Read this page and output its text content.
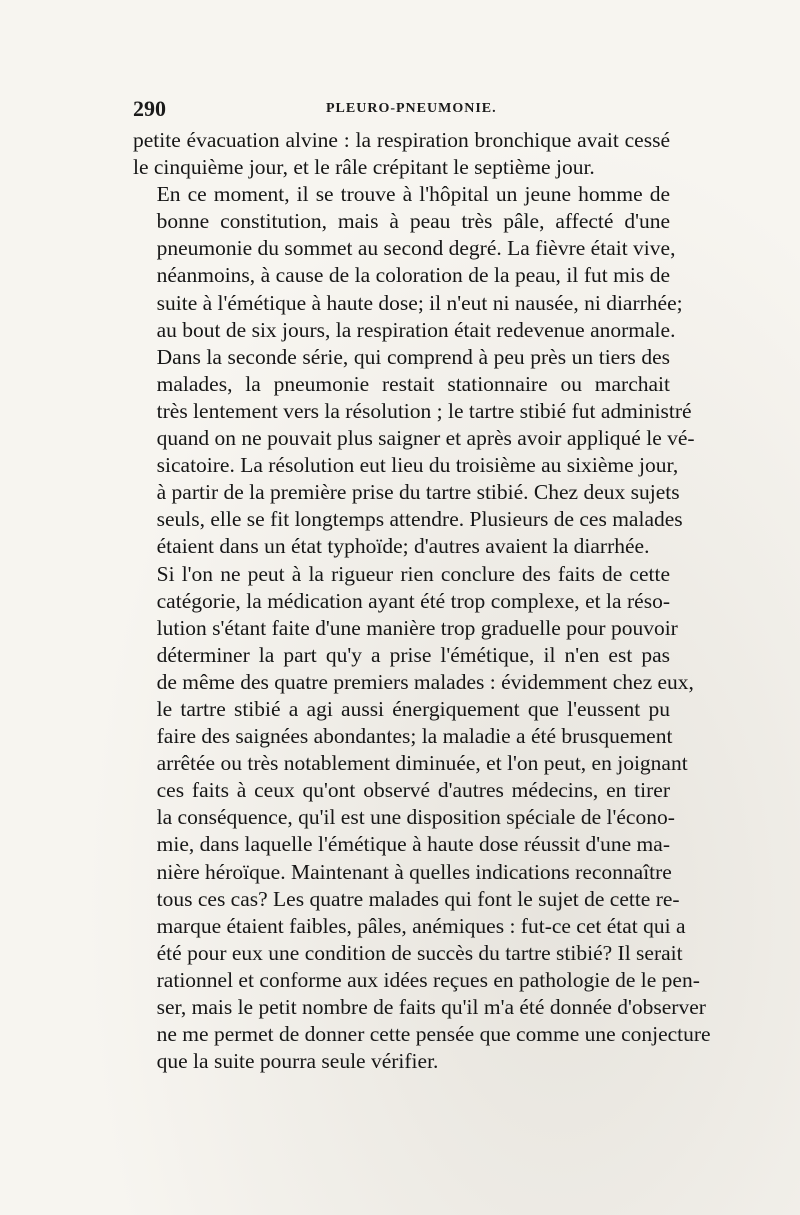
290	PLEURO-PNEUMONIE.

petite évacuation alvine : la respiration bronchique avait cessé
le cinquième jour, et le râle crépitant le septième jour.

En ce moment, il se trouve à l'hôpital un jeune homme de
bonne constitution, mais à peau très pâle, affecté d'une
pneumonie du sommet au second degré. La fièvre était vive,
néanmoins, à cause de la coloration de la peau, il fut mis de
suite à l'émétique à haute dose; il n'eut ni nausée, ni diarrhée;
au bout de six jours, la respiration était redevenue anormale.

Dans la seconde série, qui comprend à peu près un tiers des
malades, la pneumonie restait stationnaire ou marchait
très lentement vers la résolution ; le tartre stibié fut administré
quand on ne pouvait plus saigner et après avoir appliqué le vé-
sicatoire. La résolution eut lieu du troisième au sixième jour,
à partir de la première prise du tartre stibié. Chez deux sujets
seuls, elle se fit longtemps attendre. Plusieurs de ces malades
étaient dans un état typhoïde; d'autres avaient la diarrhée.

Si l'on ne peut à la rigueur rien conclure des faits de cette
catégorie, la médication ayant été trop complexe, et la réso-
lution s'étant faite d'une manière trop graduelle pour pouvoir
déterminer la part qu'y a prise l'émétique, il n'en est pas
de même des quatre premiers malades : évidemment chez eux,
le tartre stibié a agi aussi énergiquement que l'eussent pu
faire des saignées abondantes; la maladie a été brusquement
arrêtée ou très notablement diminuée, et l'on peut, en joignant
ces faits à ceux qu'ont observé d'autres médecins, en tirer
la conséquence, qu'il est une disposition spéciale de l'écono-
mie, dans laquelle l'émétique à haute dose réussit d'une ma-
nière héroïque. Maintenant à quelles indications reconnaître
tous ces cas? Les quatre malades qui font le sujet de cette re-
marque étaient faibles, pâles, anémiques : fut-ce cet état qui a
été pour eux une condition de succès du tartre stibié? Il serait
rationnel et conforme aux idées reçues en pathologie de le pen-
ser, mais le petit nombre de faits qu'il m'a été donnée d'observer
ne me permet de donner cette pensée que comme une conjecture
que la suite pourra seule vérifier.
